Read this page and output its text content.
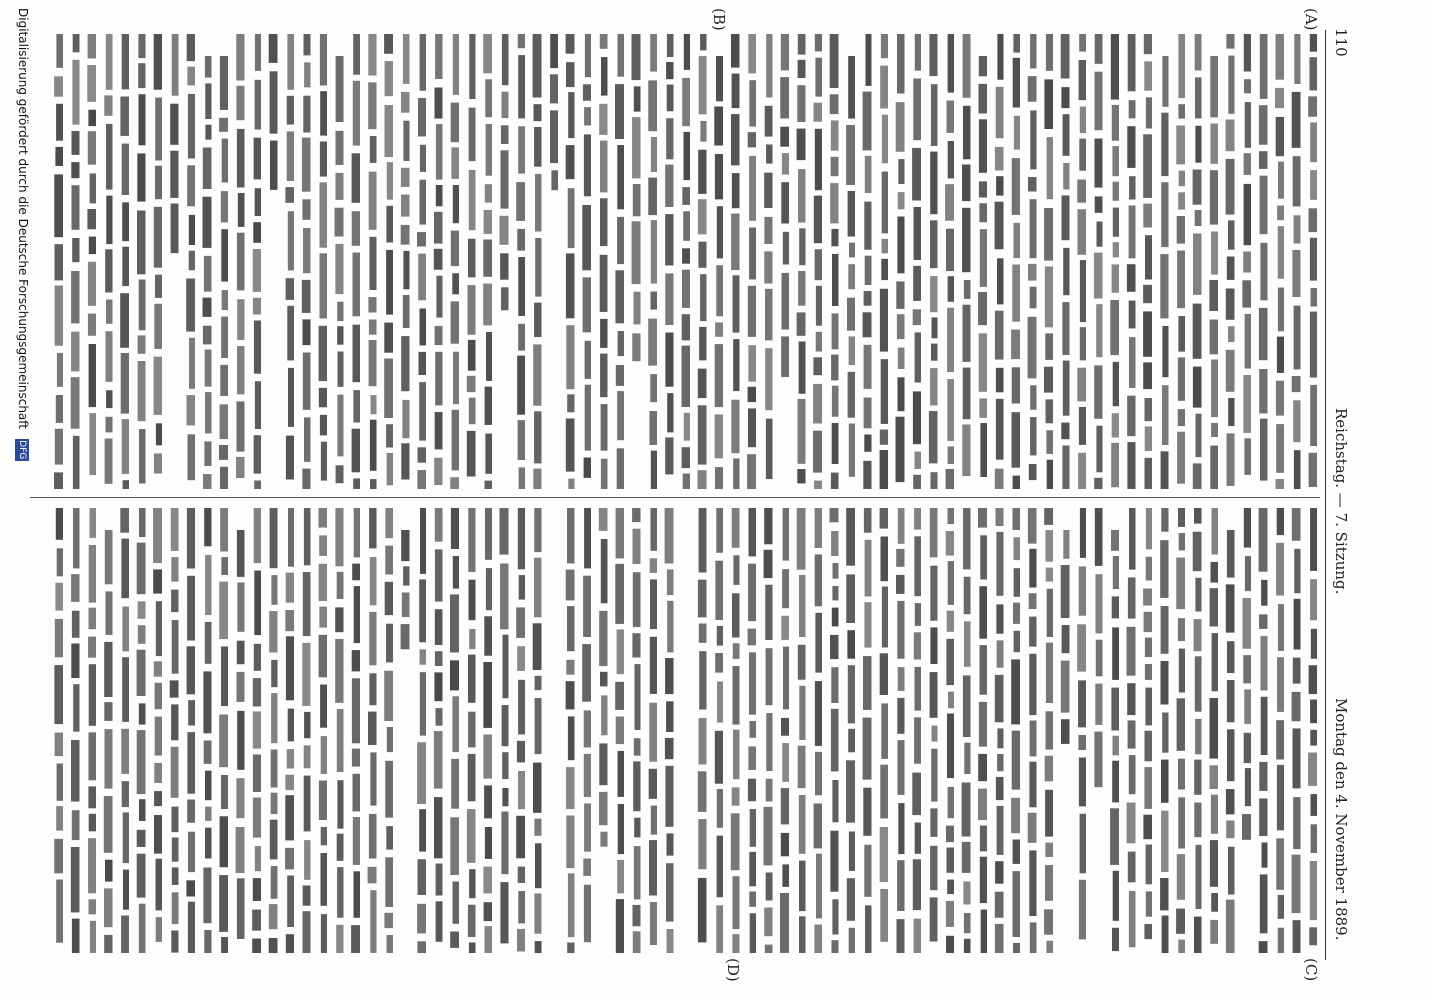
110
Reichstag. — 7. Sitzung.
Montag den 4. November 1889.
(A)
(B)
(C)
(D)
Digitalisierung gefördert durch die Deutsche Forschungsgemeinschaft DFG
